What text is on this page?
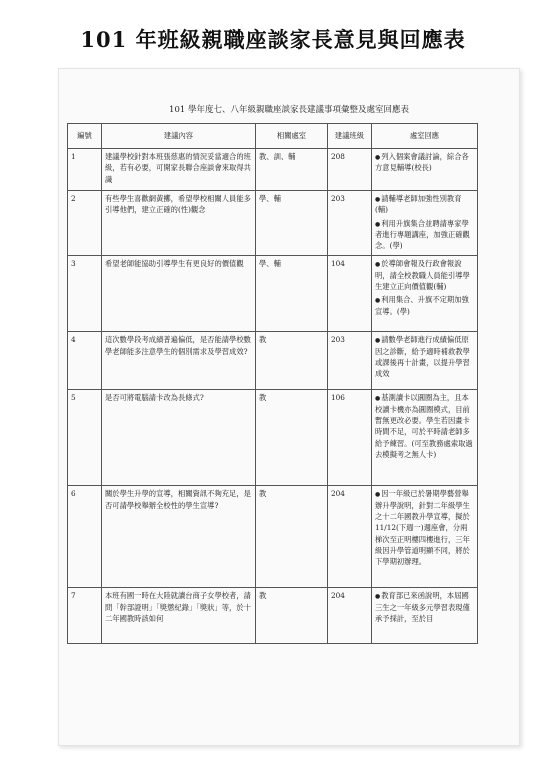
101 年班級親職座談家長意見與回應表
101 學年度七、八年級親職座談家長建議事項彙整及處室回應表
編號	建議內容	相關處室	建議班級	處室回應
1	建議學校針對本班張慈惠的情況妥當適合的班級，若有必要，可開家長聯合座談會來取得共識	教、訓、輔	208	●列入個案會議討論，綜合各方意見輔導(校長)

2	有些學生喜歡網黃擲，希望學校相關人員能多引導他們，建立正確的(性)觀念	學、輔	203	●請輔導老師加強性別教育(輔)
●利用升旗集合並聘請專家學者進行專題講座，加強正確觀念。(學)

3	希望老師能協助引導學生有更良好的價值觀	學、輔	104	●於導師會報及行政會報說明，請全校教職人員能引導學生建立正向價值觀(輔)
●利用集合、升旗不定期加強宣導。(學)

4	這次數學段考成績普遍偏低，是否能請學校數學老師能多注意學生的個別需求及學習成效?	教	203	●請數學老師進行成績偏低原因之診斷，給予適時補救教學或課後再十計畫，以提升學習成效

5	是否可將電腦請卡改為長條式?	教	106	●基測讀卡以圓圈為主，且本校讀卡機亦為圓圈模式，目前暫無更改必要。學生若因畫卡時間不足，可於平時請老師多給予練習。(可至教務處索取過去模擬考之無人卡)

6	關於學生升學的宣導，相關資訊不夠充足，是否可請學校舉辦全校性的學生宣導?	教	204	●因一年級已於暑期學藝營舉辦升學說明，針對二年級學生之十二年國教升學宣導，擬於 11/12(下週一)週座會，分兩梯次至正明樓四樓進行，三年級因升學管道明顯不同，將於下學期初辦理。

7	本班有國一時在大陸就讀台商子女學校者，請問「幹部證明」「獎懲紀錄」「獎狀」等，於十二年國教時該如何	教	204	●教育部已來函說明，本屆國三生之一年級多元學習表現僅承予採計，至於目
